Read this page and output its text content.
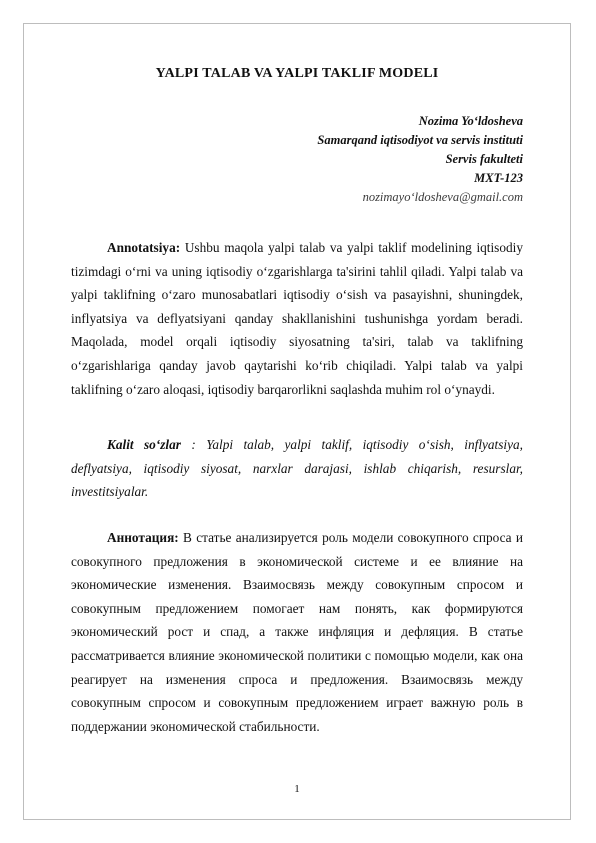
YALPI TALAB VA YALPI TAKLIF MODELI
Nozima Yo‘ldosheva
Samarqand iqtisodiyot va servis instituti
Servis fakulteti
MXT-123
nozimayo‘ldosheva@gmail.com

Annotatsiya: Ushbu maqola yalpi talab va yalpi taklif modelining iqtisodiy tizimdagi o‘rni va uning iqtisodiy o‘zgarishlarga ta'sirini tahlil qiladi. Yalpi talab va yalpi taklifning o‘zaro munosabatlari iqtisodiy o‘sish va pasayishni, shuningdek, inflyatsiya va deflyatsiyani qanday shakllanishini tushunishga yordam beradi. Maqolada, model orqali iqtisodiy siyosatning ta'siri, talab va taklifning o‘zgarishlariga qanday javob qaytarishi ko‘rib chiqiladi. Yalpi talab va yalpi taklifning o‘zaro aloqasi, iqtisodiy barqarorlikni saqlashda muhim rol o‘ynaydi.

Kalit so‘zlar : Yalpi talab, yalpi taklif, iqtisodiy o‘sish, inflyatsiya, deflyatsiya, iqtisodiy siyosat, narxlar darajasi, ishlab chiqarish, resurslar, investitsiyalar.

Аннотация: В статье анализируется роль модели совокупного спроса и совокупного предложения в экономической системе и ее влияние на экономические изменения. Взаимосвязь между совокупным спросом и совокупным предложением помогает нам понять, как формируются экономический рост и спад, а также инфляция и дефляция. В статье рассматривается влияние экономической политики с помощью модели, как она реагирует на изменения спроса и предложения. Взаимосвязь между совокупным спросом и совокупным предложением играет важную роль в поддержании экономической стабильности.

1
